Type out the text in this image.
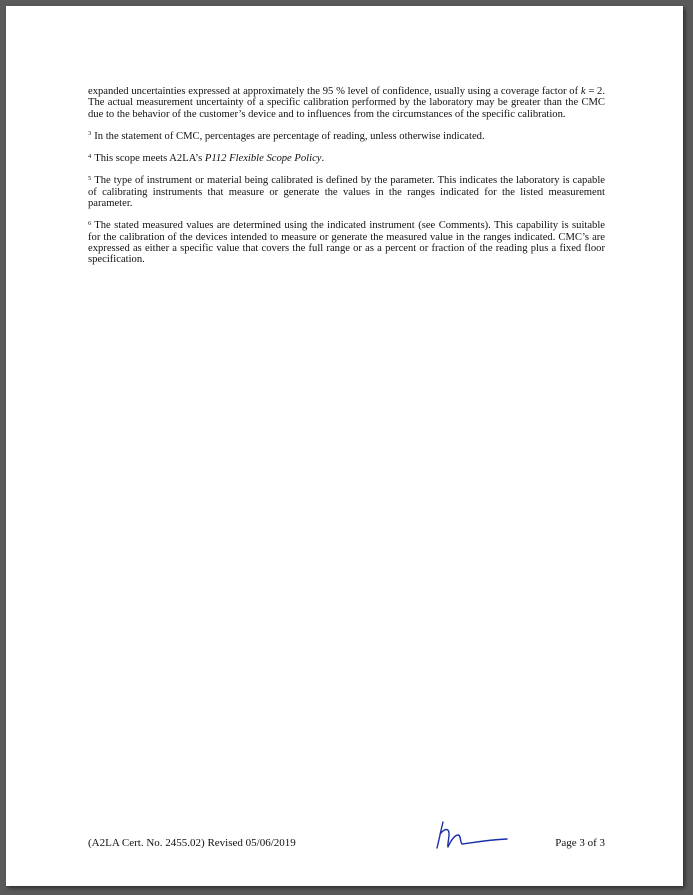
expanded uncertainties expressed at approximately the 95 % level of confidence, usually using a coverage factor of k = 2. The actual measurement uncertainty of a specific calibration performed by the laboratory may be greater than the CMC due to the behavior of the customer’s device and to influences from the circumstances of the specific calibration.

$^3$ In the statement of CMC, percentages are percentage of reading, unless otherwise indicated.

$^4$ This scope meets A2LA’s P112 Flexible Scope Policy.

$^5$ The type of instrument or material being calibrated is defined by the parameter. This indicates the laboratory is capable of calibrating instruments that measure or generate the values in the ranges indicated for the listed measurement parameter.

$^6$ The stated measured values are determined using the indicated instrument (see Comments). This capability is suitable for the calibration of the devices intended to measure or generate the measured value in the ranges indicated. CMC’s are expressed as either a specific value that covers the full range or as a percent or fraction of the reading plus a fixed floor specification.

(A2LA Cert. No. 2455.02) Revised 05/06/2019	Page 3 of 3
